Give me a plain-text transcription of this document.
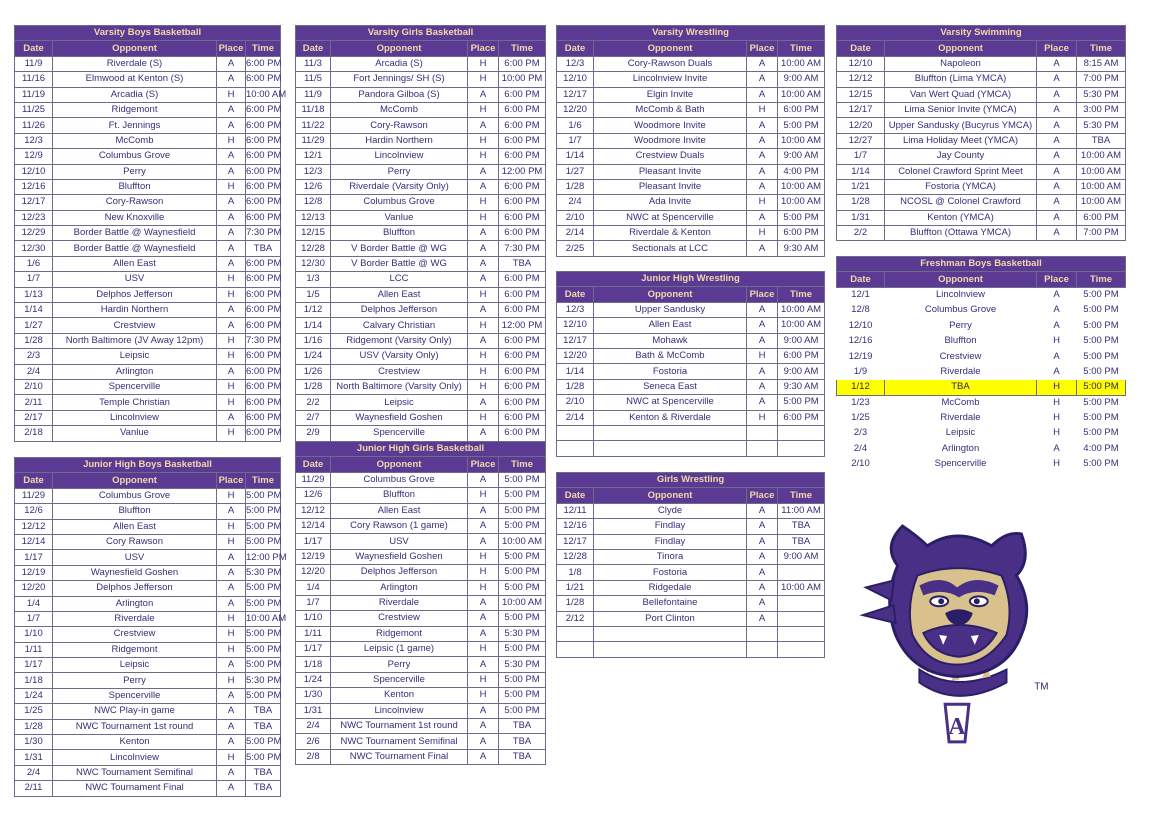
Varsity Boys Basketball			
Date	Opponent	Place	Time
11/9	Riverdale (S)	A	6:00 PM
11/16	Elmwood at Kenton (S)	A	6:00 PM
11/19	Arcadia (S)	H	10:00 AM
11/25	Ridgemont	A	6:00 PM
11/26	Ft. Jennings	A	6:00 PM
12/3	McComb	H	6:00 PM
12/9	Columbus Grove	A	6:00 PM
12/10	Perry	A	6:00 PM
12/16	Bluffton	H	6:00 PM
12/17	Cory-Rawson	A	6:00 PM
12/23	New Knoxville	A	6:00 PM
12/29	Border Battle @ Waynesfield	A	7:30 PM
12/30	Border Battle @ Waynesfield	A	TBA
1/6	Allen East	A	6:00 PM
1/7	USV	H	6:00 PM
1/13	Delphos Jefferson	H	6:00 PM
1/14	Hardin Northern	A	6:00 PM
1/27	Crestview	A	6:00 PM
1/28	North Baltimore (JV Away 12pm)	H	7:30 PM
2/3	Leipsic	H	6:00 PM
2/4	Arlington	A	6:00 PM
2/10	Spencerville	H	6:00 PM
2/11	Temple Christian	H	6:00 PM
2/17	Lincolnview	A	6:00 PM
2/18	Vanlue	H	6:00 PM
Varsity Girls Basketball			
Date	Opponent	Place	Time
11/3	Arcadia (S)	H	6:00 PM
11/5	Fort Jennings/ SH (S)	H	10:00 PM
11/9	Pandora Gilboa (S)	A	6:00 PM
11/18	McComb	H	6:00 PM
11/22	Cory-Rawson	A	6:00 PM
11/29	Hardin Northern	H	6:00 PM
12/1	Lincolnview	H	6:00 PM
12/3	Perry	A	12:00 PM
12/6	Riverdale (Varsity Only)	A	6:00 PM
12/8	Columbus Grove	H	6:00 PM
12/13	Vanlue	H	6:00 PM
12/15	Bluffton	A	6:00 PM
12/28	V Border Battle @ WG	A	7:30 PM
12/30	V Border Battle @ WG	A	TBA
1/3	LCC	A	6:00 PM
1/5	Allen East	H	6:00 PM
1/12	Delphos Jefferson	A	6:00 PM
1/14	Calvary Christian	H	12:00 PM
1/16	Ridgemont (Varsity Only)	A	6:00 PM
1/24	USV (Varsity Only)	H	6:00 PM
1/26	Crestview	H	6:00 PM
1/28	North Baltimore (Varsity Only)	H	6:00 PM
2/2	Leipsic	A	6:00 PM
2/7	Waynesfield Goshen	H	6:00 PM
2/9	Spencerville	A	6:00 PM
Varsity Wrestling			
Date	Opponent	Place	Time
12/3	Cory-Rawson Duals	A	10:00 AM
12/10	Lincolnview Invite	A	9:00 AM
12/17	Elgin Invite	A	10:00 AM
12/20	McComb & Bath	H	6:00 PM
1/6	Woodmore Invite	A	5:00 PM
1/7	Woodmore Invite	A	10:00 AM
1/14	Crestview Duals	A	9:00 AM
1/27	Pleasant Invite	A	4:00 PM
1/28	Pleasant Invite	A	10:00 AM
2/4	Ada Invite	H	10:00 AM
2/10	NWC at Spencerville	A	5:00 PM
2/14	Riverdale & Kenton	H	6:00 PM
2/25	Sectionals at LCC	A	9:30 AM
Varsity Swimming			
Date	Opponent	Place	Time
12/10	Napoleon	A	8:15 AM
12/12	Bluffton (Lima YMCA)	A	7:00 PM
12/15	Van Wert Quad (YMCA)	A	5:30 PM
12/17	Lima Senior Invite (YMCA)	A	3:00 PM
12/20	Upper Sandusky (Bucyrus YMCA)	A	5:30 PM
12/27	Lima Holiday Meet (YMCA)	A	TBA
1/7	Jay County	A	10:00 AM
1/14	Colonel Crawford Sprint Meet	A	10:00 AM
1/21	Fostoria (YMCA)	A	10:00 AM
1/28	NCOSL @ Colonel Crawford	A	10:00 AM
1/31	Kenton (YMCA)	A	6:00 PM
2/2	Bluffton (Ottawa YMCA)	A	7:00 PM
Junior High Wrestling			
Date	Opponent	Place	Time
12/3	Upper Sandusky	A	10:00 AM
12/10	Allen East	A	10:00 AM
12/17	Mohawk	A	9:00 AM
12/20	Bath & McComb	H	6:00 PM
1/14	Fostoria	A	9:00 AM
1/28	Seneca East	A	9:30 AM
2/10	NWC at Spencerville	A	5:00 PM
2/14	Kenton & Riverdale	H	6:00 PM

Freshman Boys Basketball			
Date	Opponent	Place	Time
12/1	Lincolnview	A	5:00 PM
12/8	Columbus Grove	A	5:00 PM
12/10	Perry	A	5:00 PM
12/16	Bluffton	H	5:00 PM
12/19	Crestview	A	5:00 PM
1/9	Riverdale	A	5:00 PM
1/12	TBA	H	5:00 PM
1/23	McComb	H	5:00 PM
1/25	Riverdale	H	5:00 PM
2/3	Leipsic	H	5:00 PM
2/4	Arlington	A	4:00 PM
2/10	Spencerville	H	5:00 PM
Junior High Boys Basketball			
Date	Opponent	Place	Time
11/29	Columbus Grove	H	5:00 PM
12/6	Bluffton	A	5:00 PM
12/12	Allen East	H	5:00 PM
12/14	Cory Rawson	H	5:00 PM
1/17	USV	A	12:00 PM
12/19	Waynesfield Goshen	A	5:30 PM
12/20	Delphos Jefferson	A	5:00 PM
1/4	Arlington	A	5:00 PM
1/7	Riverdale	H	10:00 AM
1/10	Crestview	H	5:00 PM
1/11	Ridgemont	H	5:00 PM
1/17	Leipsic	A	5:00 PM
1/18	Perry	H	5:30 PM
1/24	Spencerville	A	5:00 PM
1/25	NWC Play-in game	A	TBA
1/28	NWC Tournament 1st round	A	TBA
1/30	Kenton	A	5:00 PM
1/31	Lincolnview	H	5:00 PM
2/4	NWC Tournament Semifinal	A	TBA
2/11	NWC Tournament Final	A	TBA
Junior High Girls Basketball			
Date	Opponent	Place	Time
11/29	Columbus Grove	A	5:00 PM
12/6	Bluffton	H	5:00 PM
12/12	Allen East	A	5:00 PM
12/14	Cory Rawson (1 game)	A	5:00 PM
1/17	USV	A	10:00 AM
12/19	Waynesfield Goshen	H	5:00 PM
12/20	Delphos Jefferson	H	5:00 PM
1/4	Arlington	H	5:00 PM
1/7	Riverdale	A	10:00 AM
1/10	Crestview	A	5:00 PM
1/11	Ridgemont	A	5:30 PM
1/17	Leipsic (1 game)	H	5:00 PM
1/18	Perry	A	5:30 PM
1/24	Spencerville	H	5:00 PM
1/30	Kenton	H	5:00 PM
1/31	Lincolnview	A	5:00 PM
2/4	NWC Tournament 1st round	A	TBA
2/6	NWC Tournament Semifinal	A	TBA
2/8	NWC Tournament Final	A	TBA
Girls Wrestling			
Date	Opponent	Place	Time
12/11	Clyde	A	11:00 AM
12/16	Findlay	A	TBA
12/17	Findlay	A	TBA
12/28	Tinora	A	9:00 AM
1/8	Fostoria	A	
1/21	Ridgedale	A	10:00 AM
1/28	Bellefontaine	A	
2/12	Port Clinton	A	

A
TM
